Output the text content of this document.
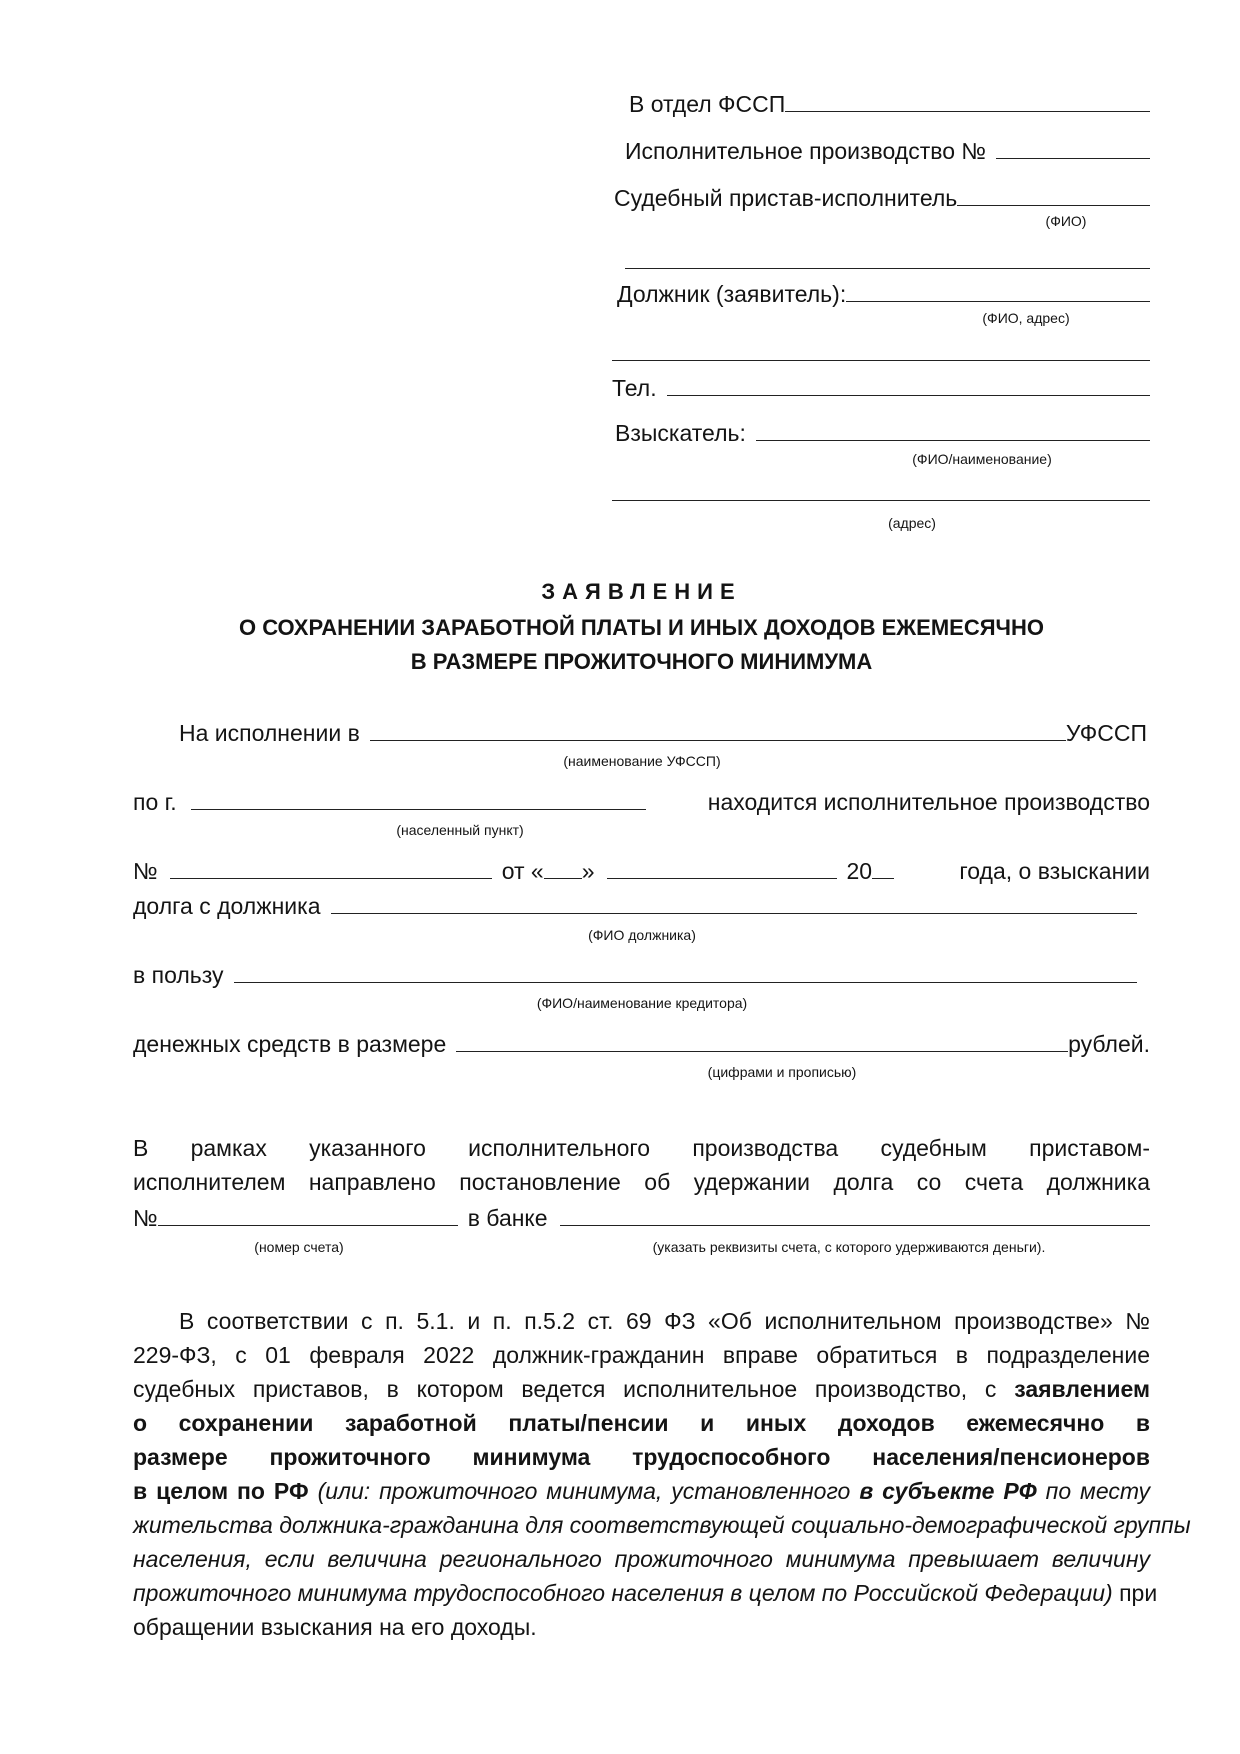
В отдел ФССП
Исполнительное производство №
Судебный пристав-исполнитель
(ФИО)
Должник (заявитель):
(ФИО, адрес)
Тел.
Взыскатель:
(ФИО/наименование)
(адрес)
ЗАЯВЛЕНИЕ
О СОХРАНЕНИИ ЗАРАБОТНОЙ ПЛАТЫ И ИНЫХ ДОХОДОВ ЕЖЕМЕСЯЧНО
В РАЗМЕРЕ ПРОЖИТОЧНОГО МИНИМУМА
На исполнении в	УФССП
(наименование УФССП)
по г.	находится исполнительное производство
(населенный пункт)
№	от « »	20	года, о взыскании
долга с должника
(ФИО должника)
в пользу
(ФИО/наименование кредитора)
денежных средств в размере	рублей.
(цифрами и прописью)
В рамках указанного исполнительного производства судебным приставом-
исполнителем направлено постановление об удержании долга со счета должника
№	в банке
(номер счета)	(указать реквизиты счета, с которого удерживаются деньги).
В соответствии с п. 5.1. и п. п.5.2 ст. 69 ФЗ «Об исполнительном производстве» №
229-ФЗ, с 01 февраля 2022 должник-гражданин вправе обратиться в подразделение
судебных приставов, в котором ведется исполнительное производство, с заявлением
о сохранении заработной платы/пенсии и иных доходов ежемесячно в
размере прожиточного минимума трудоспособного населения/пенсионеров
в целом по РФ (или: прожиточного минимума, установленного в субъекте РФ по месту
жительства должника-гражданина для соответствующей социально-демографической группы
населения, если величина регионального прожиточного минимума превышает величину
прожиточного минимума трудоспособного населения в целом по Российской Федерации) при
обращении взыскания на его доходы.
